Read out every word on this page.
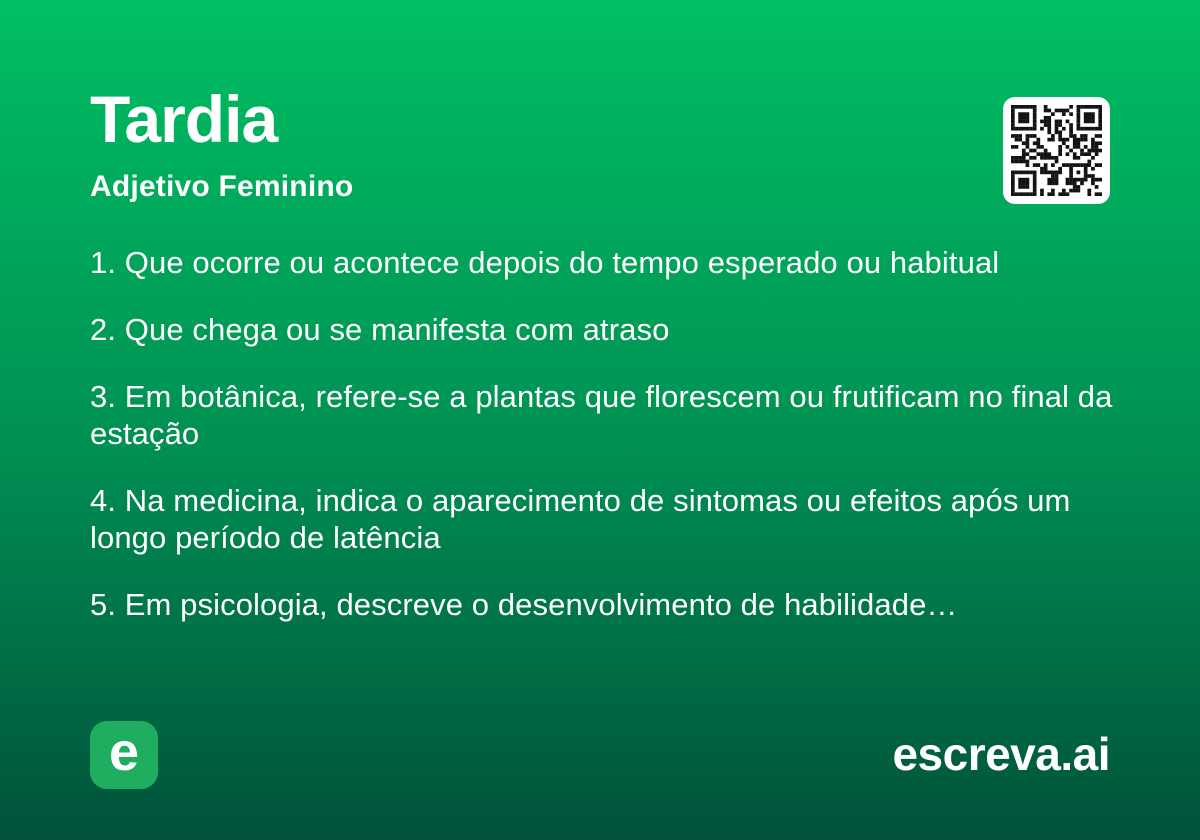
Tardia
Adjetivo Feminino

1. Que ocorre ou acontece depois do tempo esperado ou habitual

2. Que chega ou se manifesta com atraso

3. Em botânica, refere-se a plantas que florescem ou frutificam no final da estação

4. Na medicina, indica o aparecimento de sintomas ou efeitos após um longo período de latência

5. Em psicologia, descreve o desenvolvimento de habilidade…

e	escreva.ai
